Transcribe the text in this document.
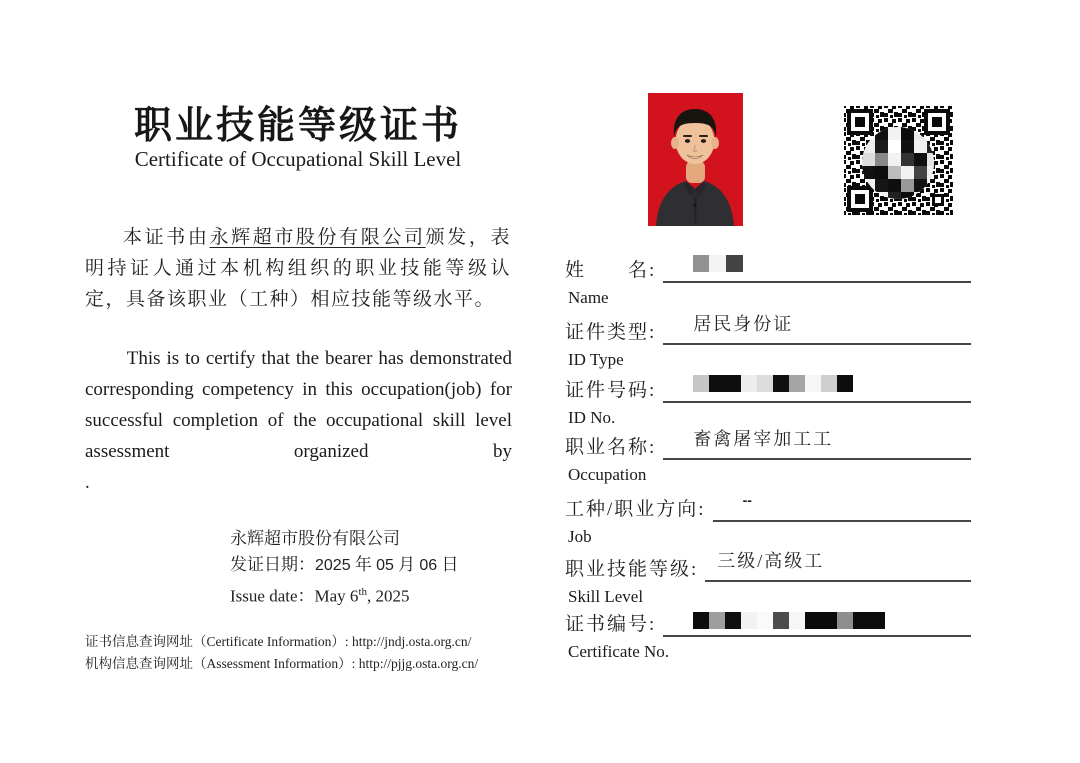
职业技能等级证书
Certificate of Occupational Skill Level
本证书由永辉超市股份有限公司颁发，表明持证人通过本机构组织的职业技能等级认定，具备该职业（工种）相应技能等级水平。

This is to certify that the bearer has demonstrated corresponding competency in this occupation(job) for successful completion of the occupational skill level assessment organized by

.
永辉超市股份有限公司
发证日期：2025 年 05 月 06 日
Issue date：May 6th, 2025
证书信息查询网址（Certificate Information）: http://jndj.osta.org.cn/
机构信息查询网址（Assessment Information）: http://pjjg.osta.org.cn/
姓　　名:
Name
证件类型: 居民身份证
ID Type
证件号码:
ID No.
职业名称: 畜禽屠宰加工工
Occupation
工种/职业方向:	--
Job
职业技能等级: 三级/高级工
Skill Level
证书编号:
Certificate No.
